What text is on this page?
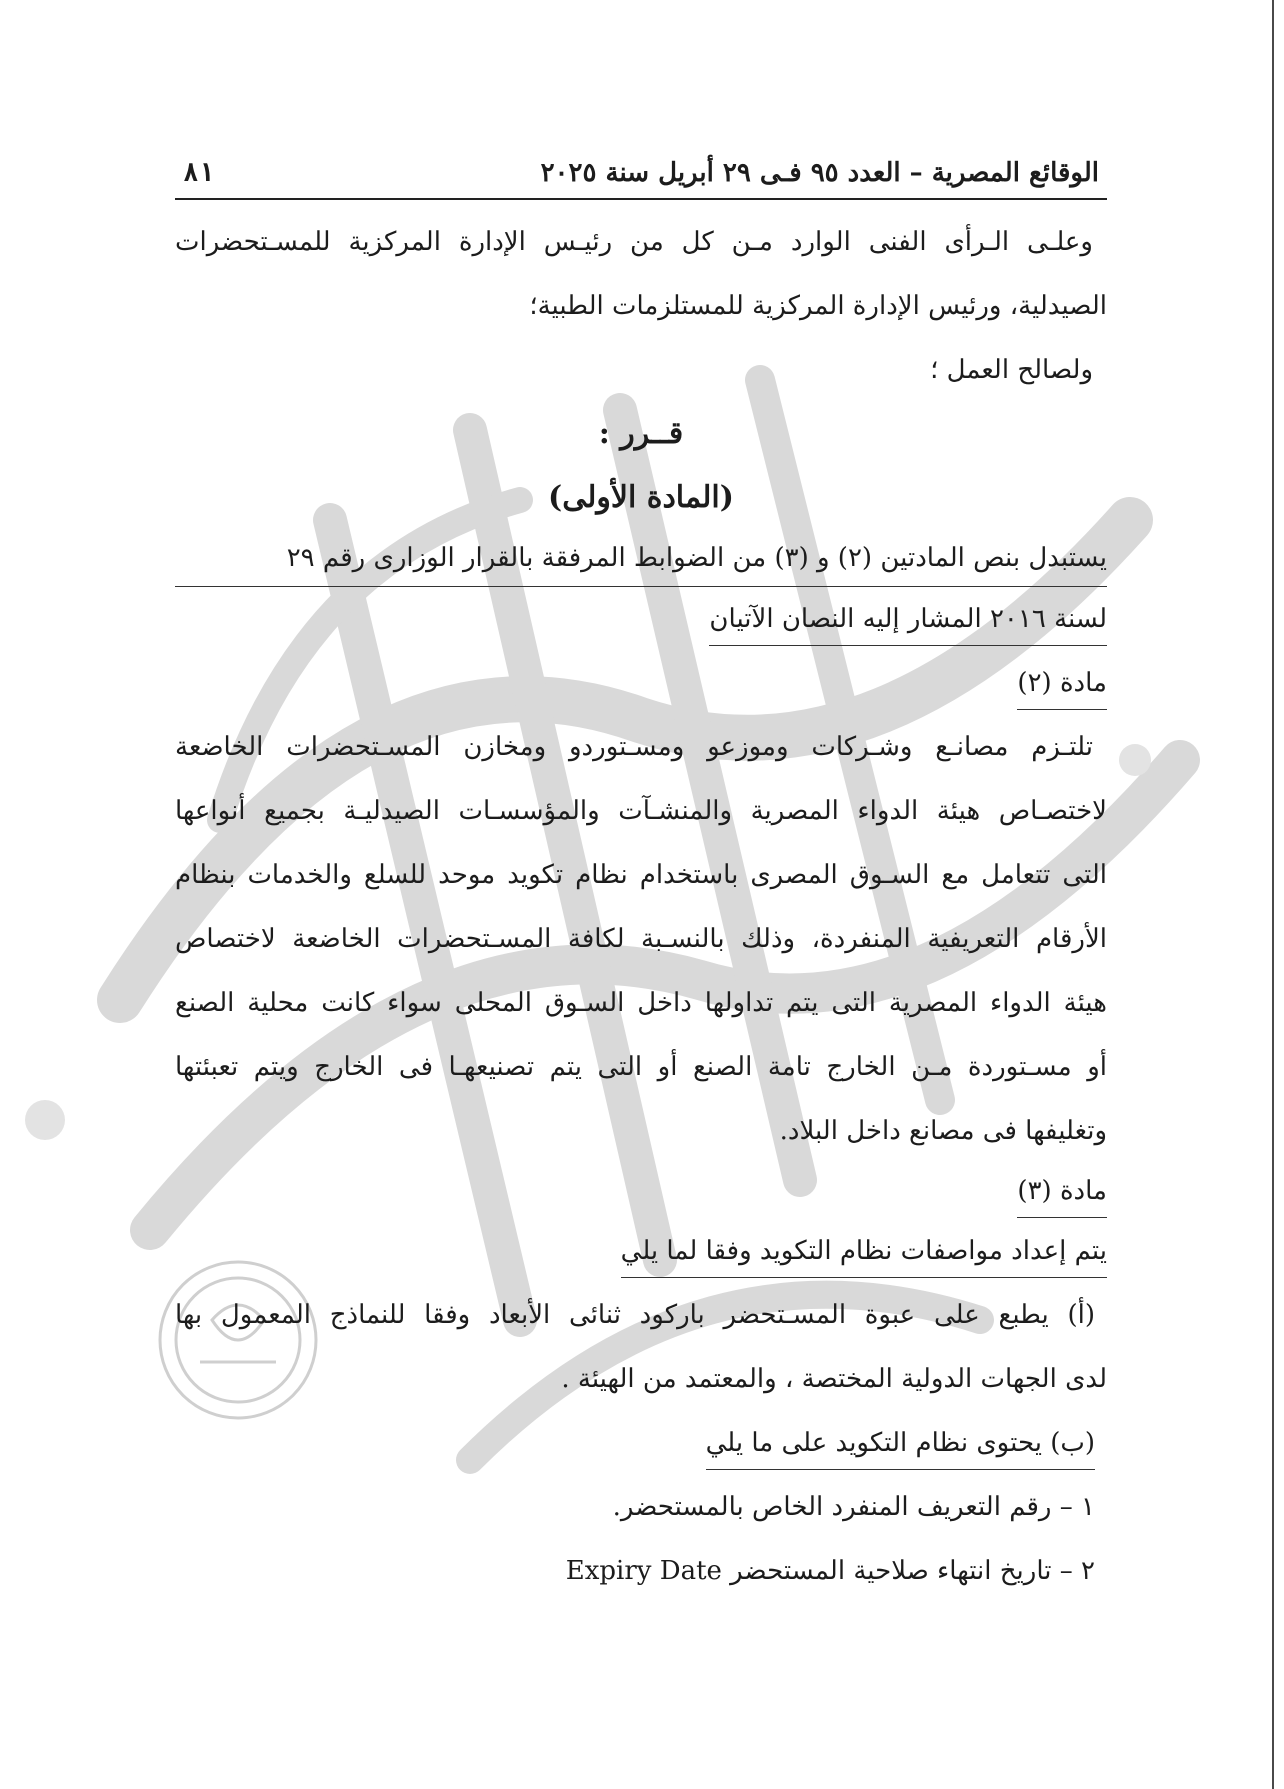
الوقائع المصرية – العدد ٩٥ فـى ٢٩ أبريل سنة ٢٠٢٥
٨١

وعلـى الـرأى الفنى الوارد مـن كل من رئيـس الإدارة المركزية للمسـتحضرات

الصيدلية، ورئيس الإدارة المركزية للمستلزمات الطبية؛

ولصالح العمل ؛

قــرر :
(المادة الأولى)

يستبدل بنص المادتين (٢) و (٣) من الضوابط المرفقة بالقرار الوزارى رقم ٢٩

لسنة ٢٠١٦ المشار إليه النصان الآتيان

مادة (٢)

تلتـزم مصانـع وشـركات وموزعو ومسـتوردو ومخازن المسـتحضرات الخاضعة

لاختصـاص هيئة الدواء المصرية والمنشـآت والمؤسسـات الصيدليـة بجميع أنواعها

التى تتعامل مع السـوق المصرى باستخدام نظام تكويد موحد للسلع والخدمات بنظام

الأرقام التعريفية المنفردة، وذلك بالنسـبة لكافة المسـتحضرات الخاضعة لاختصاص

هيئة الدواء المصرية التى يتم تداولها داخل السـوق المحلى سواء كانت محلية الصنع

أو مسـتوردة مـن الخارج تامة الصنع أو التى يتم تصنيعهـا فى الخارج ويتم تعبئتها

وتغليفها فى مصانع داخل البلاد.

مادة (٣)

يتم إعداد مواصفات نظام التكويد وفقا لما يلي

(أ) يطبع على عبوة المسـتحضر باركود ثنائى الأبعاد وفقا للنماذج المعمول بها

لدى الجهات الدولية المختصة ، والمعتمد من الهيئة .

(ب) يحتوى نظام التكويد على ما يلي

١ – رقم التعريف المنفرد الخاص بالمستحضر.

٢ – تاريخ انتهاء صلاحية المستحضر Expiry Date
